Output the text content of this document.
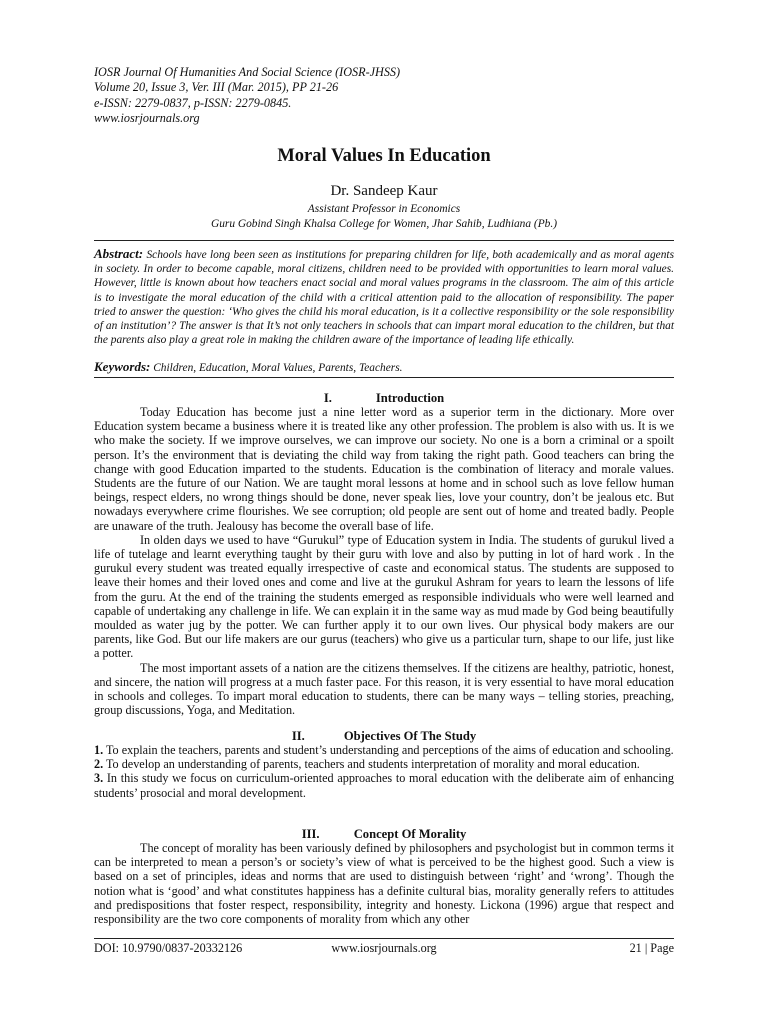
IOSR Journal Of Humanities And Social Science (IOSR-JHSS)
Volume 20, Issue 3, Ver. III (Mar. 2015), PP 21-26
e-ISSN: 2279-0837, p-ISSN: 2279-0845.
www.iosrjournals.org
Moral Values In Education
Dr. Sandeep Kaur
Assistant Professor in Economics
Guru Gobind Singh Khalsa College for Women, Jhar Sahib, Ludhiana (Pb.)
Abstract: Schools have long been seen as institutions for preparing children for life, both academically and as moral agents in society. In order to become capable, moral citizens, children need to be provided with opportunities to learn moral values. However, little is known about how teachers enact social and moral values programs in the classroom. The aim of this article is to investigate the moral education of the child with a critical attention paid to the allocation of responsibility. The paper tried to answer the question: ‘Who gives the child his moral education, is it a collective responsibility or the sole responsibility of an institution’? The answer is that It’s not only teachers in schools that can impart moral education to the children, but that the parents also play a great role in making the children aware of the importance of leading life ethically.
Keywords: Children, Education, Moral Values, Parents, Teachers.
I.	Introduction

Today Education has become just a nine letter word as a superior term in the dictionary. More over Education system became a business where it is treated like any other profession. The problem is also with us. It is we who make the society. If we improve ourselves, we can improve our society. No one is a born a criminal or a spoilt person. It’s the environment that is deviating the child way from taking the right path. Good teachers can bring the change with good Education imparted to the students. Education is the combination of literacy and morale values. Students are the future of our Nation. We are taught moral lessons at home and in school such as love fellow human beings, respect elders, no wrong things should be done, never speak lies, love your country, don’t be jealous etc. But nowadays everywhere crime flourishes. We see corruption; old people are sent out of home and treated badly. People are unaware of the truth. Jealousy has become the overall base of life.

In olden days we used to have “Gurukul” type of Education system in India. The students of gurukul lived a life of tutelage and learnt everything taught by their guru with love and also by putting in lot of hard work . In the gurukul every student was treated equally irrespective of caste and economical status. The students are supposed to leave their homes and their loved ones and come and live at the gurukul Ashram for years to learn the lessons of life from the guru. At the end of the training the students emerged as responsible individuals who were well learned and capable of undertaking any challenge in life. We can explain it in the same way as mud made by God being beautifully moulded as water jug by the potter. We can further apply it to our own lives. Our physical body makers are our parents, like God. But our life makers are our gurus (teachers) who give us a particular turn, shape to our life, just like a potter.

The most important assets of a nation are the citizens themselves. If the citizens are healthy, patriotic, honest, and sincere, the nation will progress at a much faster pace. For this reason, it is very essential to have moral education in schools and colleges. To impart moral education to students, there can be many ways – telling stories, preaching, group discussions, Yoga, and Meditation.

II.	Objectives Of The Study

1. To explain the teachers, parents and student’s understanding and perceptions of the aims of education and schooling.

2. To develop an understanding of parents, teachers and students interpretation of morality and moral education.

3. In this study we focus on curriculum-oriented approaches to moral education with the deliberate aim of enhancing students’ prosocial and moral development.

III.	Concept Of Morality

The concept of morality has been variously defined by philosophers and psychologist but in common terms it can be interpreted to mean a person’s or society’s view of what is perceived to be the highest good. Such a view is based on a set of principles, ideas and norms that are used to distinguish between ‘right’ and ‘wrong’. Though the notion what is ‘good’ and what constitutes happiness has a definite cultural bias, morality generally refers to attitudes and predispositions that foster respect, responsibility, integrity and honesty. Lickona (1996) argue that respect and responsibility are the two core components of morality from which any other

DOI: 10.9790/0837-20332126	www.iosrjournals.org	21 | Page
